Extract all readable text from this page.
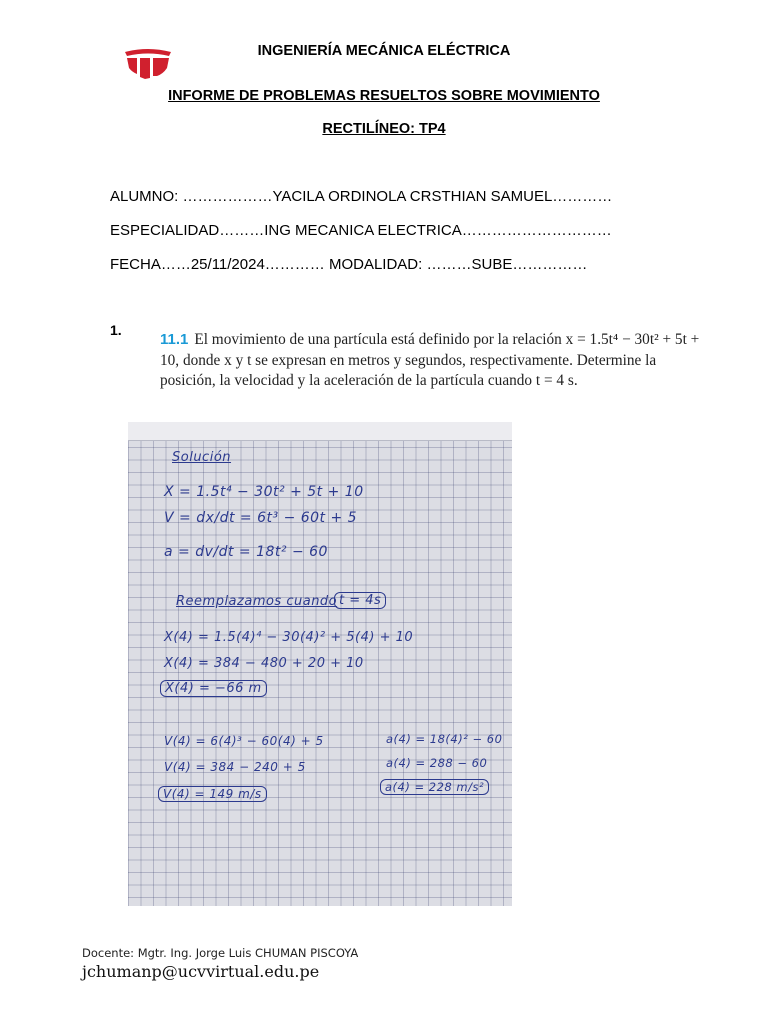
INGENIERÍA MECÁNICA ELÉCTRICA
INFORME DE PROBLEMAS RESUELTOS SOBRE MOVIMIENTO
RECTILÍNEO: TP4
ALUMNO: ………………YACILA ORDINOLA CRSTHIAN SAMUEL…………
ESPECIALIDAD………ING MECANICA ELECTRICA…………………………
FECHA……25/11/2024………… MODALIDAD: ………SUBE……………
1.
11.1 El movimiento de una partícula está definido por la relación x = 1.5t⁴ − 30t² + 5t + 10, donde x y t se expresan en metros y segundos, respectivamente. Determine la posición, la velocidad y la aceleración de la partícula cuando t = 4 s.
Solución
X = 1.5t⁴ − 30t² + 5t + 10
V = dx/dt = 6t³ − 60t + 5
a = dv/dt = 18t² − 60
Reemplazamos cuando t = 4s
X(4) = 1.5(4)⁴ − 30(4)² + 5(4) + 10
X(4) = 384 − 480 + 20 + 10
X(4) = −66 m
V(4) = 6(4)³ − 60(4) + 5
V(4) = 384 − 240 + 5
V(4) = 149 m/s
a(4) = 18(4)² − 60
a(4) = 288 − 60
a(4) = 228 m/s²
Docente: Mgtr. Ing. Jorge Luis CHUMAN PISCOYA
jchumanp@ucvvirtual.edu.pe
